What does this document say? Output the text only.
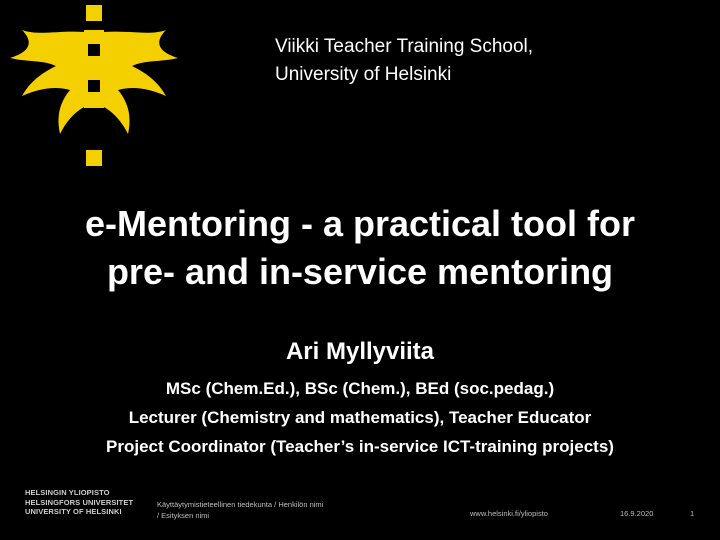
Viikki Teacher Training School,
University of Helsinki
e-Mentoring - a practical tool for
pre- and in-service mentoring
Ari Myllyviita
MSc (Chem.Ed.), BSc (Chem.), BEd (soc.pedag.)
Lecturer (Chemistry and mathematics), Teacher Educator
Project Coordinator (Teacher’s in-service ICT-training projects)
HELSINGIN YLIOPISTO
HELSINGFORS UNIVERSITET
UNIVERSITY OF HELSINKI
Käyttäytymistieteellinen tiedekunta / Henkilön nimi
/ Esityksen nimi	www.helsinki.fi/yliopisto	16.9.2020	1
